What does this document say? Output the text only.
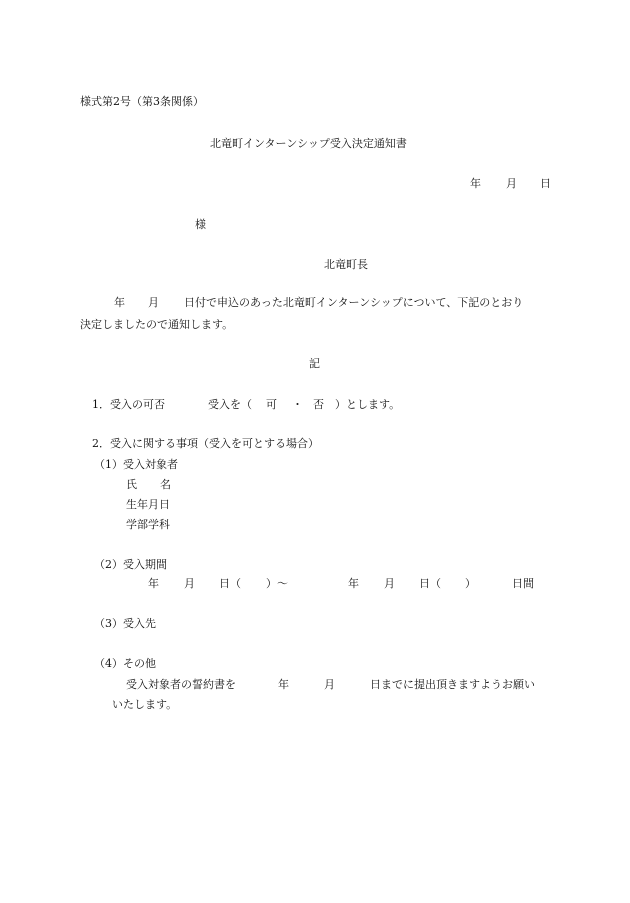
様式第2号（第3条関係）
北竜町インターンシップ受入決定通知書
年 月 日
様
北竜町長
年 月 日付で申込のあった北竜町インターンシップについて、下記のとおり
決定しましたので通知します。
記
1．受入の可否	受入を（ 可 ・ 否 ）とします。
2．受入に関する事項（受入を可とする場合）
（1）受入対象者
氏 名
生年月日
学部学科
（2）受入期間
年 月 日（ ）〜	年 月 日（ ）	日間
（3）受入先
（4）その他
受入対象者の誓約書を	年	月	日までに提出頂きますようお願い
いたします。
